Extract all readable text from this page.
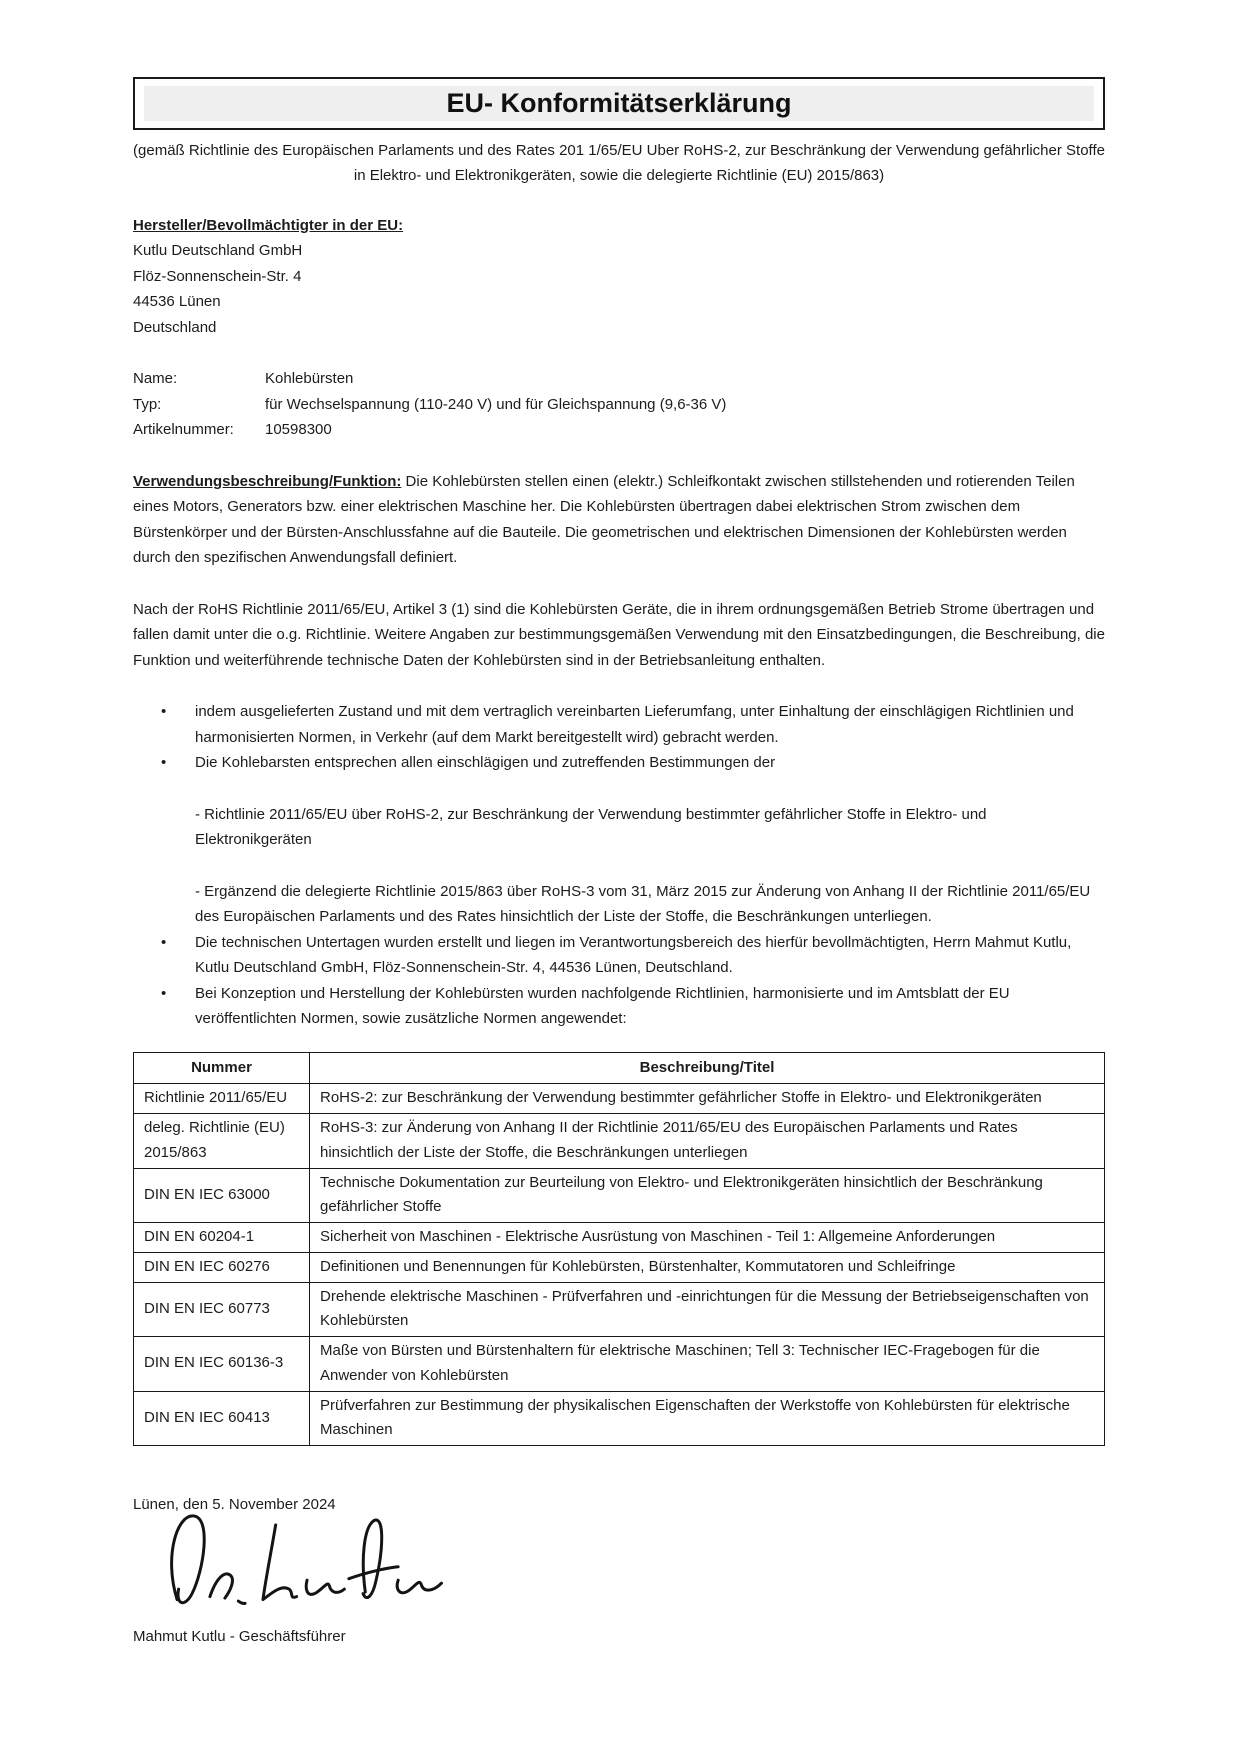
EU- Konformitätserklärung
(gemäß Richtlinie des Europäischen Parlaments und des Rates 201 1/65/EU Uber RoHS-2, zur Beschränkung der Verwendung gefährlicher Stoffe in Elektro- und Elektronikgeräten, sowie die delegierte Richtlinie (EU) 2015/863)
Hersteller/Bevollmächtigter in der EU:
Kutlu Deutschland GmbH
Flöz-Sonnenschein-Str. 4
44536 Lünen
Deutschland
Name:	Kohlebürsten
Typ:	für Wechselspannung (110-240 V) und für Gleichspannung (9,6-36 V)
Artikelnummer:	10598300
Verwendungsbeschreibung/Funktion: Die Kohlebürsten stellen einen (elektr.) Schleifkontakt zwischen stillstehenden und rotierenden Teilen eines Motors, Generators bzw. einer elektrischen Maschine her. Die Kohlebürsten übertragen dabei elektrischen Strom zwischen dem Bürstenkörper und der Bürsten-Anschlussfahne auf die Bauteile. Die geometrischen und elektrischen Dimensionen der Kohlebürsten werden durch den spezifischen Anwendungsfall definiert.
Nach der RoHS Richtlinie 2011/65/EU, Artikel 3 (1) sind die Kohlebürsten Geräte, die in ihrem ordnungsgemäßen Betrieb Strome übertragen und fallen damit unter die o.g. Richtlinie. Weitere Angaben zur bestimmungsgemäßen Verwendung mit den Einsatzbedingungen, die Beschreibung, die Funktion und weiterführende technische Daten der Kohlebürsten sind in der Betriebsanleitung enthalten.
•
indem ausgelieferten Zustand und mit dem vertraglich vereinbarten Lieferumfang, unter Einhaltung der einschlägigen Richtlinien und harmonisierten Normen, in Verkehr (auf dem Markt bereitgestellt wird) gebracht werden.
•
Die Kohlebarsten entsprechen allen einschlägigen und zutreffenden Bestimmungen der
- Richtlinie 2011/65/EU über RoHS-2, zur Beschränkung der Verwendung bestimmter gefährlicher Stoffe in Elektro- und Elektronikgeräten
- Ergänzend die delegierte Richtlinie 2015/863 über RoHS-3 vom 31, März 2015 zur Änderung von Anhang II der Richtlinie 2011/65/EU des Europäischen Parlaments und des Rates hinsichtlich der Liste der Stoffe, die Beschränkungen unterliegen.
•
Die technischen Untertagen wurden erstellt und liegen im Verantwortungsbereich des hierfür bevollmächtigten, Herrn Mahmut Kutlu, Kutlu Deutschland GmbH, Flöz-Sonnenschein-Str. 4, 44536 Lünen, Deutschland.
•
Bei Konzeption und Herstellung der Kohlebürsten wurden nachfolgende Richtlinien, harmonisierte und im Amtsblatt der EU veröffentlichten Normen, sowie zusätzliche Normen angewendet:
Nummer	Beschreibung/Titel
Richtlinie 2011/65/EU	RoHS-2: zur Beschränkung der Verwendung bestimmter gefährlicher Stoffe in Elektro- und Elektronikgeräten
deleg. Richtlinie (EU) 2015/863	RoHS-3: zur Änderung von Anhang II der Richtlinie 2011/65/EU des Europäischen Parlaments und Rates hinsichtlich der Liste der Stoffe, die Beschränkungen unterliegen
DIN EN IEC 63000	Technische Dokumentation zur Beurteilung von Elektro- und Elektronikgeräten hinsichtlich der Beschränkung gefährlicher Stoffe
DIN EN 60204-1	Sicherheit von Maschinen - Elektrische Ausrüstung von Maschinen - Teil 1: Allgemeine Anforderungen
DIN EN IEC 60276	Definitionen und Benennungen für Kohlebürsten, Bürstenhalter, Kommutatoren und Schleifringe
DIN EN IEC 60773	Drehende elektrische Maschinen - Prüfverfahren und -einrichtungen für die Messung der Betriebseigenschaften von Kohlebürsten
DIN EN IEC 60136-3	Maße von Bürsten und Bürstenhaltern für elektrische Maschinen; Tell 3: Technischer IEC-Fragebogen für die Anwender von Kohlebürsten
DIN EN IEC 60413	Prüfverfahren zur Bestimmung der physikalischen Eigenschaften der Werkstoffe von Kohlebürsten für elektrische Maschinen
Lünen, den 5. November 2024
Mahmut Kutlu - Geschäftsführer
